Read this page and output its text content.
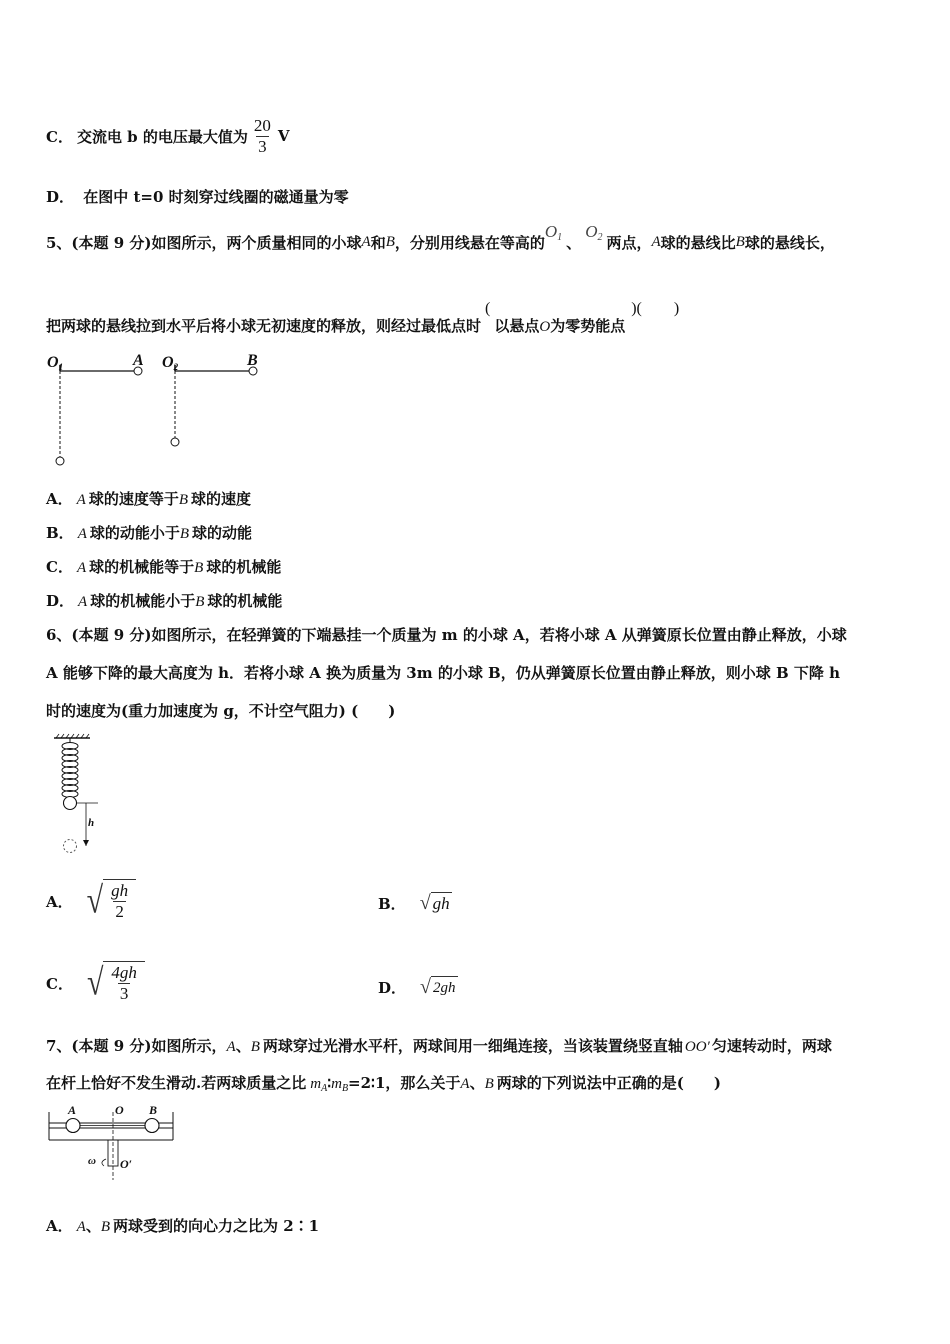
C． 交流电 b 的电压最大值为 $\frac{20}{3}$ V
D． 在图中 t=0 时刻穿过线圈的磁通量为零
5、(本题 9 分)如图所示，两个质量相同的小球 A 和 B ，分别用线悬在等高的
$O_1$ 、
$O_2$ 两点， A 球的悬线比 B 球的悬线长，
把两球的悬线拉到水平后将小球无初速度的释放，则经过最低点时
(
以悬点 O 为零势能点
)(　　)
O1	A O2	B
A． A 球的速度等于B 球的速度
B． A 球的动能小于B 球的动能
C． A 球的机械能等于B 球的机械能
D． A 球的机械能小于B 球的机械能
6、(本题 9 分)如图所示，在轻弹簧的下端悬挂一个质量为 m 的小球 A，若将小球 A 从弹簧原长位置由静止释放，小球
A 能够下降的最大高度为 h．若将小球 A 换为质量为 3m 的小球 B，仍从弹簧原长位置由静止释放，则小球 B 下降 h
时的速度为(重力加速度为 g，不计空气阻力) (　　)
h
A． √ $\frac{gh}{2}$	B． √ gh
C． √ $\frac{4gh}{3}$	D． √ 2gh
7、(本题 9 分)如图所示，A、B 两球穿过光滑水平杆，两球间用一细绳连接，当该装置绕竖直轴 OO′ 匀速转动时，两球
在杆上恰好不发生滑动.若两球质量之比 $m_A∶m_B=2∶1$，那么关于A、B 两球的下列说法中正确的是(　　)
A	O B
ω O′
A． A、B 两球受到的向心力之比为 2∶1
